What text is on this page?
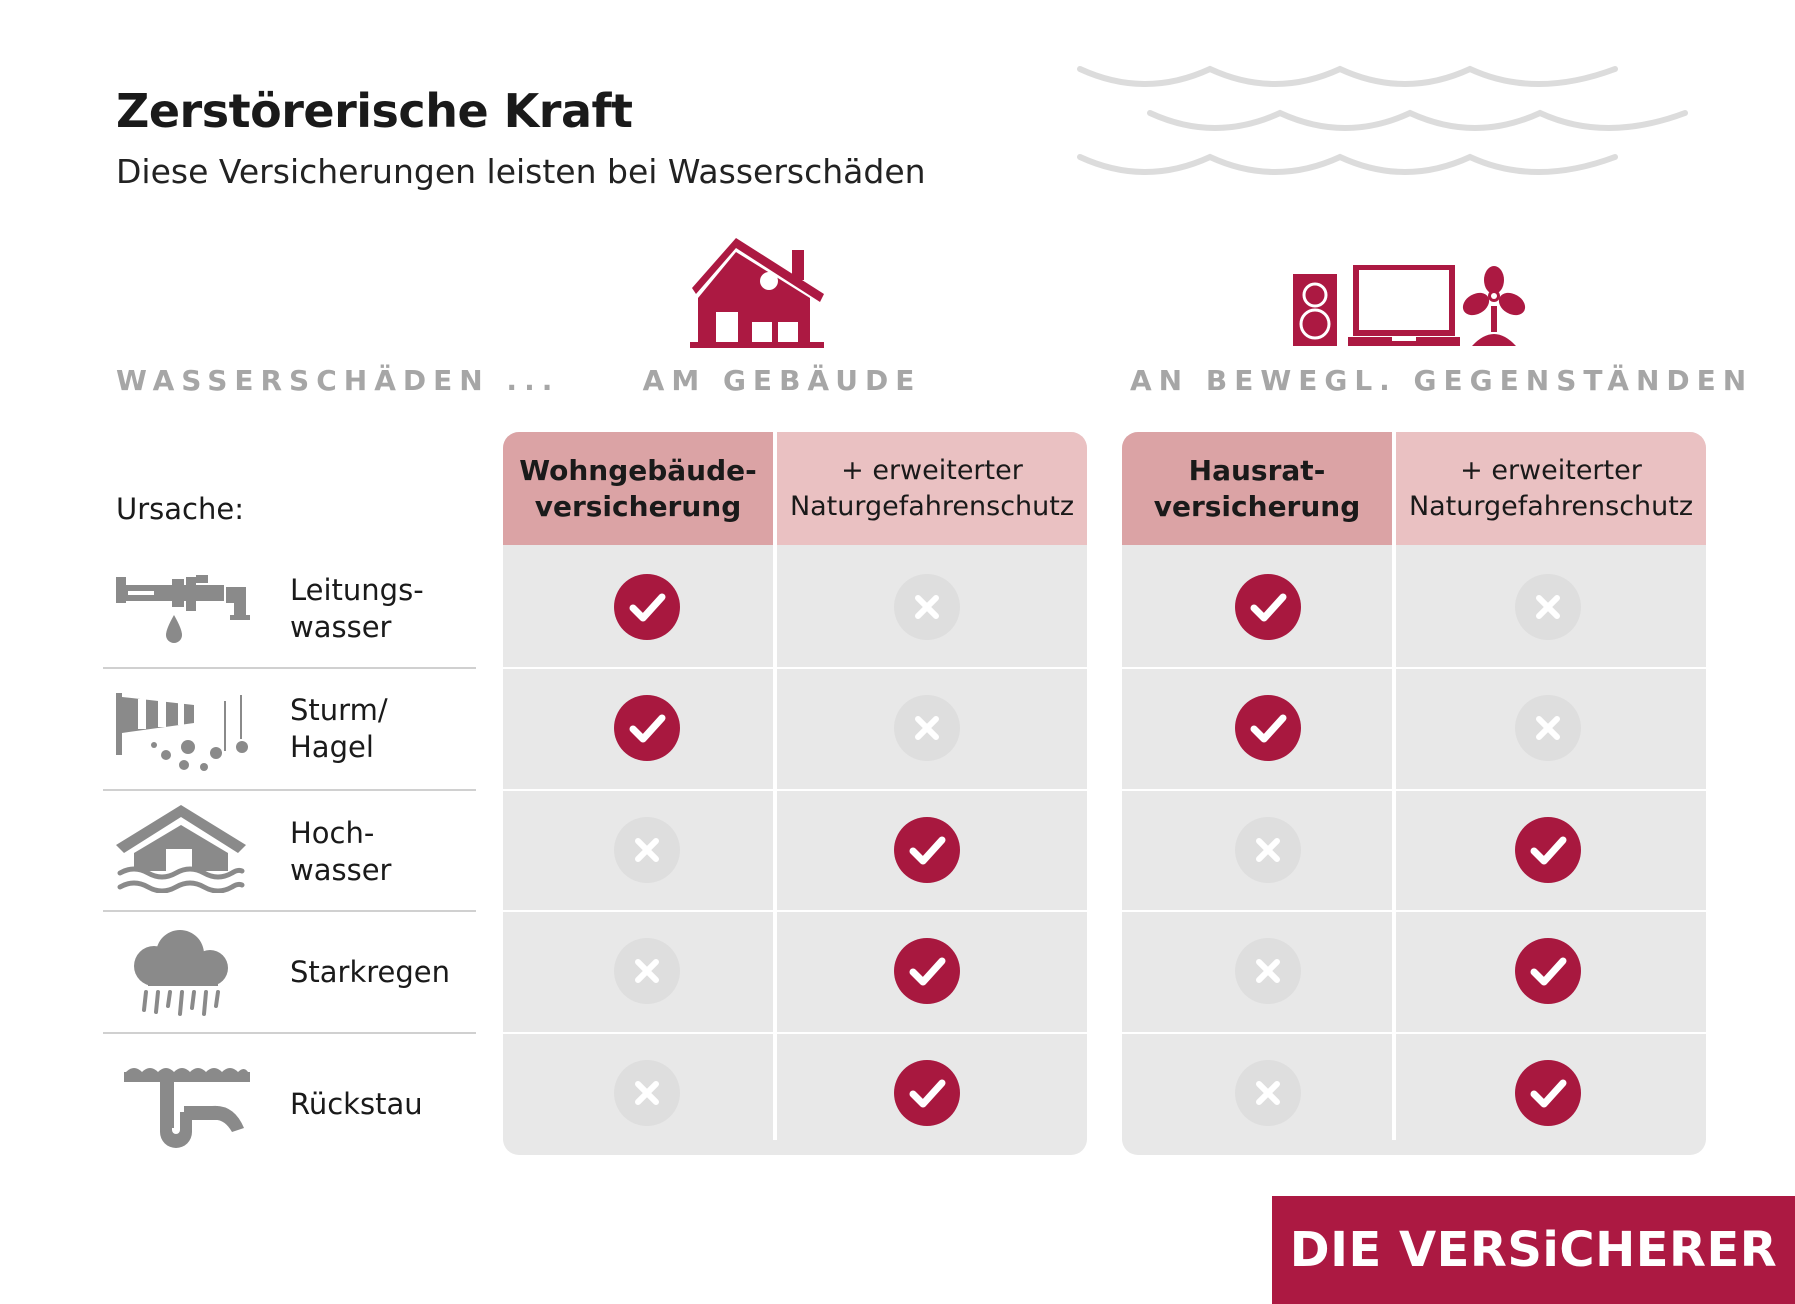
Zerstörerische Kraft
Diese Versicherungen leisten bei Wasserschäden
WASSERSCHÄDEN ...	AM GEBÄUDE	AN BEWEGL. GEGENSTÄNDEN
Ursache:
Leitungs-
wasser
Sturm/
Hagel
Hoch-
wasser
Starkregen
Rückstau
Wohngebäude-
versicherung
+ erweiterter
Naturgefahrenschutz
Hausrat-
versicherung
+ erweiterter
Naturgefahrenschutz
DIE VERSiCHERER
